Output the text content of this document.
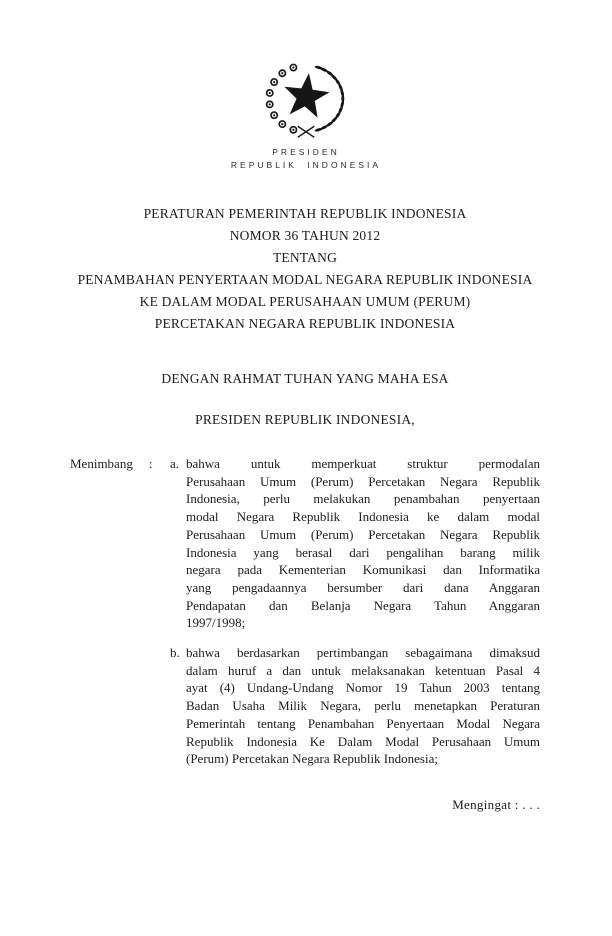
PRESIDEN
REPUBLIK INDONESIA
PERATURAN PEMERINTAH REPUBLIK INDONESIA
NOMOR 36 TAHUN 2012
TENTANG
PENAMBAHAN PENYERTAAN MODAL NEGARA REPUBLIK INDONESIA
KE DALAM MODAL PERUSAHAAN UMUM (PERUM)
PERCETAKAN NEGARA REPUBLIK INDONESIA
DENGAN RAHMAT TUHAN YANG MAHA ESA
PRESIDEN REPUBLIK INDONESIA,
Menimbang : a. bahwa untuk memperkuat struktur permodalan
Perusahaan Umum (Perum) Percetakan Negara Republik
Indonesia, perlu melakukan penambahan penyertaan
modal Negara Republik Indonesia ke dalam modal
Perusahaan Umum (Perum) Percetakan Negara Republik
Indonesia yang berasal dari pengalihan barang milik
negara pada Kementerian Komunikasi dan Informatika
yang pengadaannya bersumber dari dana Anggaran
Pendapatan dan Belanja Negara Tahun Anggaran
1997/1998;
b. bahwa berdasarkan pertimbangan sebagaimana dimaksud
dalam huruf a dan untuk melaksanakan ketentuan Pasal 4
ayat (4) Undang-Undang Nomor 19 Tahun 2003 tentang
Badan Usaha Milik Negara, perlu menetapkan Peraturan
Pemerintah tentang Penambahan Penyertaan Modal Negara
Republik Indonesia Ke Dalam Modal Perusahaan Umum
(Perum) Percetakan Negara Republik Indonesia;
Mengingat : . . .
